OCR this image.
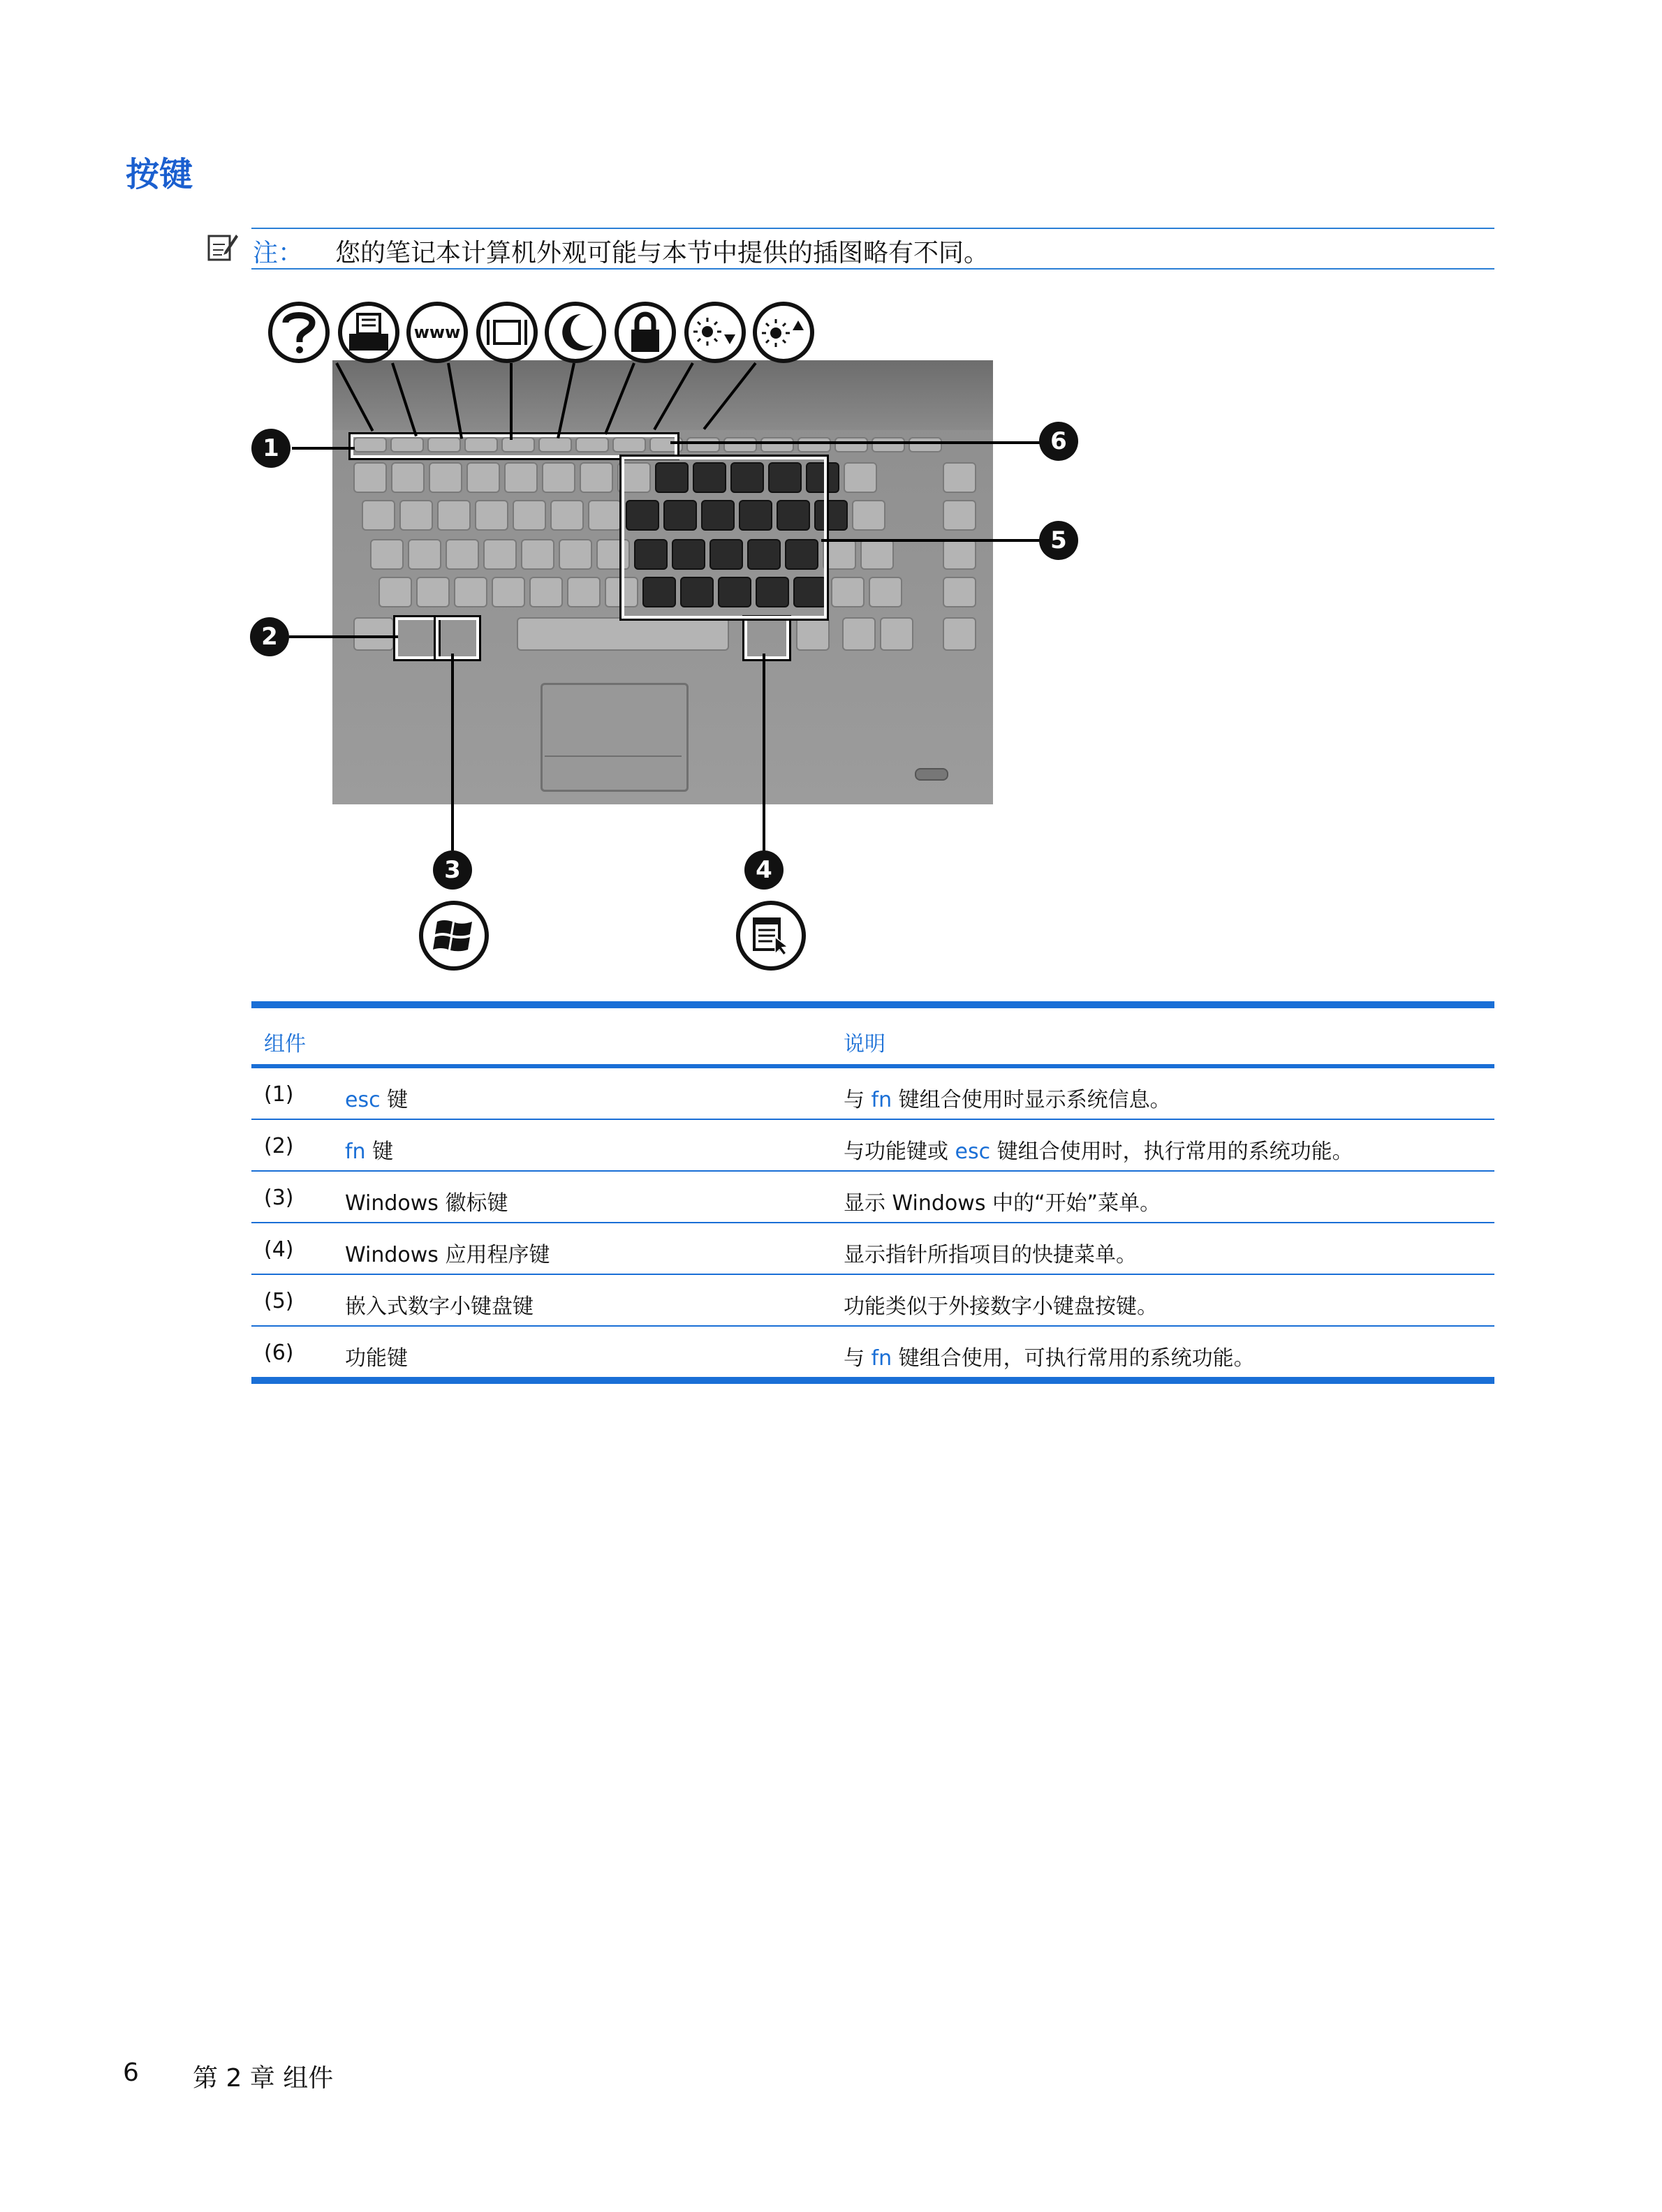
按键
注： 您的笔记本计算机外观可能与本节中提供的插图略有不同。
1	6
5
2
3	4
www
组件	说明
(1) esc 键	与 fn 键组合使用时显示系统信息。
(2) fn 键	与功能键或 esc 键组合使用时，执行常用的系统功能。
(3) Windows 徽标键	显示 Windows 中的“开始”菜单。
(4) Windows 应用程序键	显示指针所指项目的快捷菜单。
(5) 嵌入式数字小键盘键	功能类似于外接数字小键盘按键。
(6) 功能键	与 fn 键组合使用，可执行常用的系统功能。
6 第 2 章 组件
